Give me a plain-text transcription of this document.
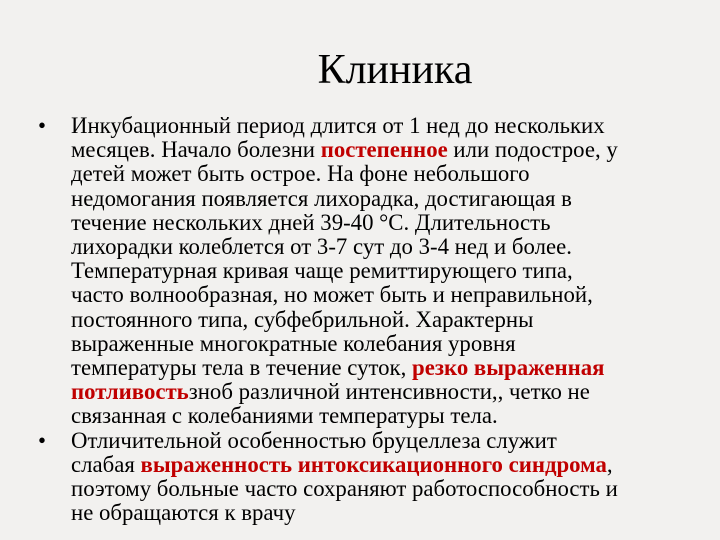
Клиника
•	Инкубационный период длится от 1 нед до нескольких
месяцев. Начало болезни постепенное или подострое, у
детей может быть острое. На фоне небольшого
недомогания появляется лихорадка, достигающая в
течение нескольких дней 39-40 °С. Длительность
лихорадки колеблется от 3-7 сут до 3-4 нед и более.
Температурная кривая чаще ремиттирующего типа,
часто волнообразная, но может быть и неправильной,
постоянного типа, субфебрильной. Характерны
выраженные многократные колебания уровня
температуры тела в течение суток, резко выраженная
потливостьзноб различной интенсивности,, четко не
связанная с колебаниями температуры тела.
•	Отличительной особенностью бруцеллеза служит
слабая выраженность интоксикационного синдрома,
поэтому больные часто сохраняют работоспособность и
не обращаются к врачу
